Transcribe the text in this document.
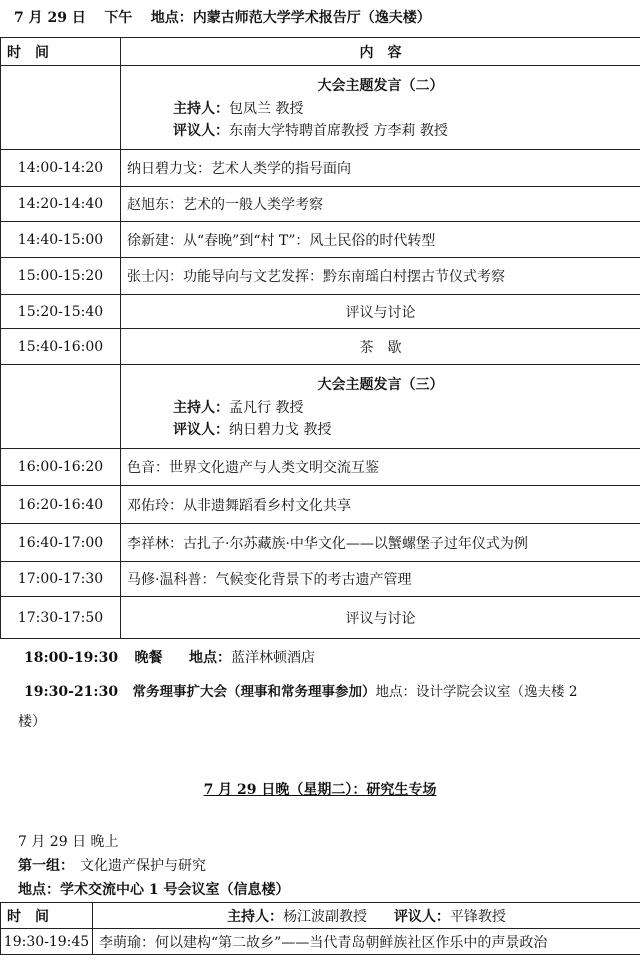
7 月 29 日 下午 地点：内蒙古师范大学学术报告厅（逸夫楼）
时　间	内　容

	大会主题发言（二）
主持人：包凤兰 教授
评议人：东南大学特聘首席教授 方李莉 教授

14:00-14:20	纳日碧力戈：艺术人类学的指号面向
14:20-14:40	赵旭东：艺术的一般人类学考察
14:40-15:00	徐新建：从“春晚”到“村 T”：风土民俗的时代转型
15:00-15:20	张士闪：功能导向与文艺发挥：黔东南瑶白村摆古节仪式考察
15:20-15:40	评议与讨论
15:40-16:00	茶　歇

	大会主题发言（三）
主持人：孟凡行 教授
评议人：纳日碧力戈 教授

16:00-16:20	色音：世界文化遗产与人类文明交流互鉴
16:20-16:40	邓佑玲：从非遗舞蹈看乡村文化共享
16:40-17:00	李祥林：古扎子·尔苏藏族·中华文化——以蟹螺堡子过年仪式为例
17:00-17:30	马修·温科普：气候变化背景下的考古遗产管理
17:30-17:50	评议与讨论
18:00-19:30 晚餐 地点：蓝洋林顿酒店
19:30-21:30 常务理事扩大会（理事和常务理事参加）地点：设计学院会议室（逸夫楼 2
楼）
7 月 29 日晚（星期二）：研究生专场
7 月 29 日 晚上
第一组： 文化遗产保护与研究
地点：学术交流中心 1 号会议室（信息楼）
时　间	主持人：杨江波副教授 评议人：平锋教授
19:30-19:45	李萌瑜：何以建构“第二故乡”——当代青岛朝鲜族社区作乐中的声景政治
